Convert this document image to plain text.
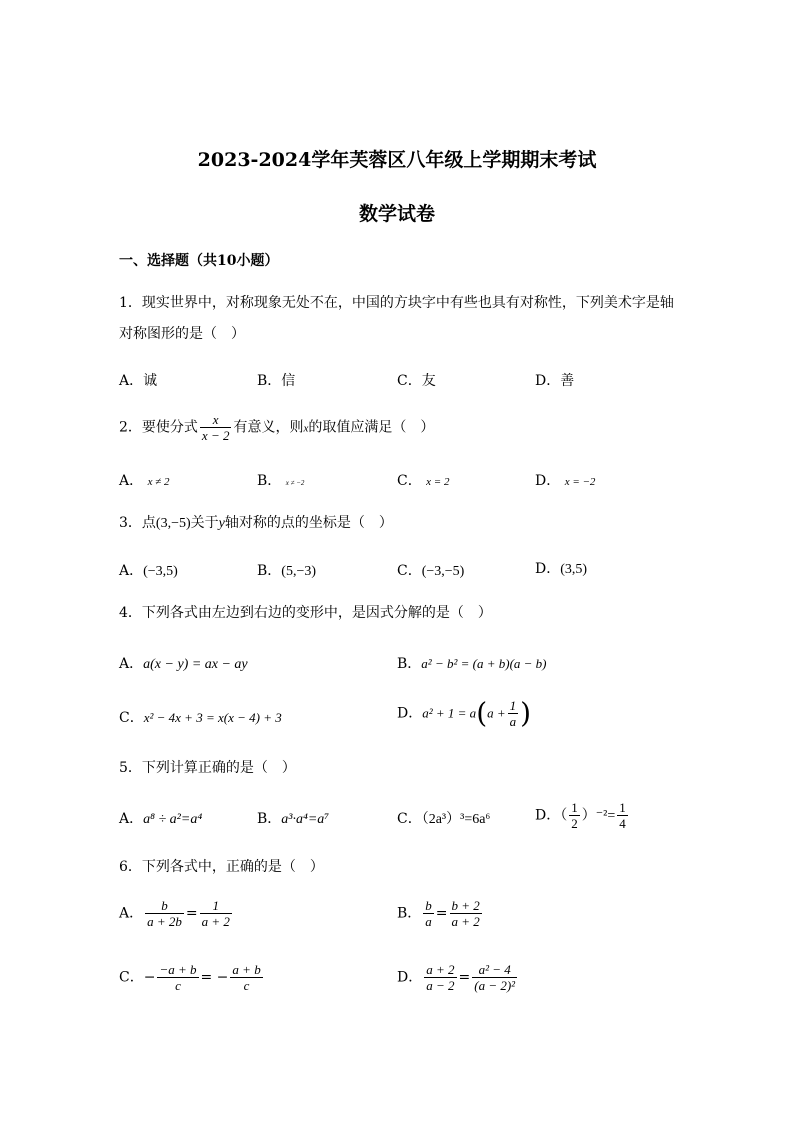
2023-2024学年芙蓉区八年级上学期期末考试
数学试卷
一、选择题（共10小题）
1．现实世界中，对称现象无处不在，中国的方块字中有些也具有对称性，下列美术字是轴
对称图形的是（　）
A．诚	B．信	C．友	D．善
2．要使分式 $\frac{x}{x - 2}$ 有意义，则x的取值应满足（　）
A． x ≠ 2	B． x ≠ −2	C． x = 2	D． x = −2
3．点(3,−5)关于y轴对称的点的坐标是（　）
A．(−3,5)	B．(5,−3)	C．(−3,−5)	D．(3,5)
4．下列各式由左边到右边的变形中，是因式分解的是（　）
A．a(x − y) = ax − ay	B．a² − b² = (a + b)(a − b)
C．x² − 4x + 3 = x(x − 4) + 3	D．$a^2 + 1 = a(a + \frac{1}{a}$ )
5．下列计算正确的是（　）
A．a⁸ ÷ a²=a⁴	B．a³·a⁴=a⁷	C．（2a³）³=6a⁶	D．（ $\frac{1}{2} )^{-2}= \frac{1}{4}$
6．下列各式中，正确的是（　）
A． $\frac{b}{a + 2b} = \frac{1}{a + 2}$	B． $\frac{b}{a} = \frac{b + 2}{a + 2}$
C．− $\frac{-a + b}{c}$ = − $\frac{a + b}{c}$	D． $\frac{a + 2}{a - 2} = \frac{\text{a² − 4}}{\text{(a − 2)²}}$
